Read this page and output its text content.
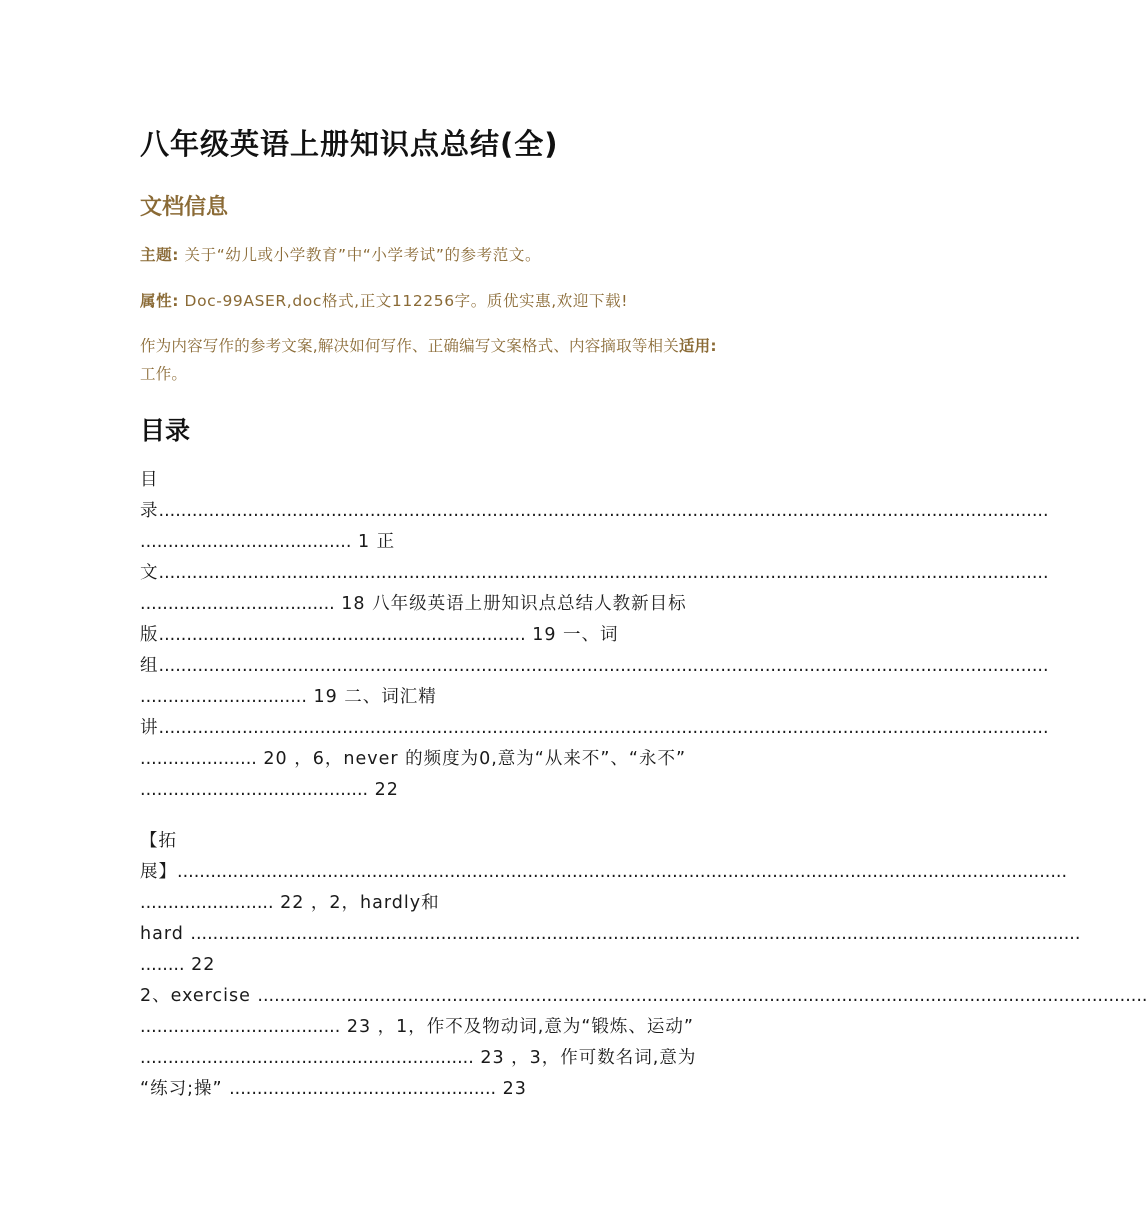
八年级英语上册知识点总结(全)
文档信息

主题: 关于“幼儿或小学教育”中“小学考试”的参考范文。

属性: Doc-99ASER,doc格式,正文112256字。质优实惠,欢迎下载!

作为内容写作的参考文案,解决如何写作、正确编写文案格式、内容摘取等相关适用:
工作。

目录
目
录................................................................................................................................................................
...................................... 1 正
文................................................................................................................................................................
................................... 18 八年级英语上册知识点总结人教新目标
版.................................................................. 19 一、词
组................................................................................................................................................................
.............................. 19 二、词汇精
讲................................................................................................................................................................
..................... 20 ，6，never 的频度为0,意为“从来不”、“永不”
......................................... 22
【拓
展】................................................................................................................................................................
........................ 22 ，2，hardly和
hard ................................................................................................................................................................
........ 22
2、exercise ................................................................................................................................................................
.................................... 23 ，1，作不及物动词,意为“锻炼、运动”
............................................................ 23 ，3，作可数名词,意为
“练习;操” ................................................ 23
